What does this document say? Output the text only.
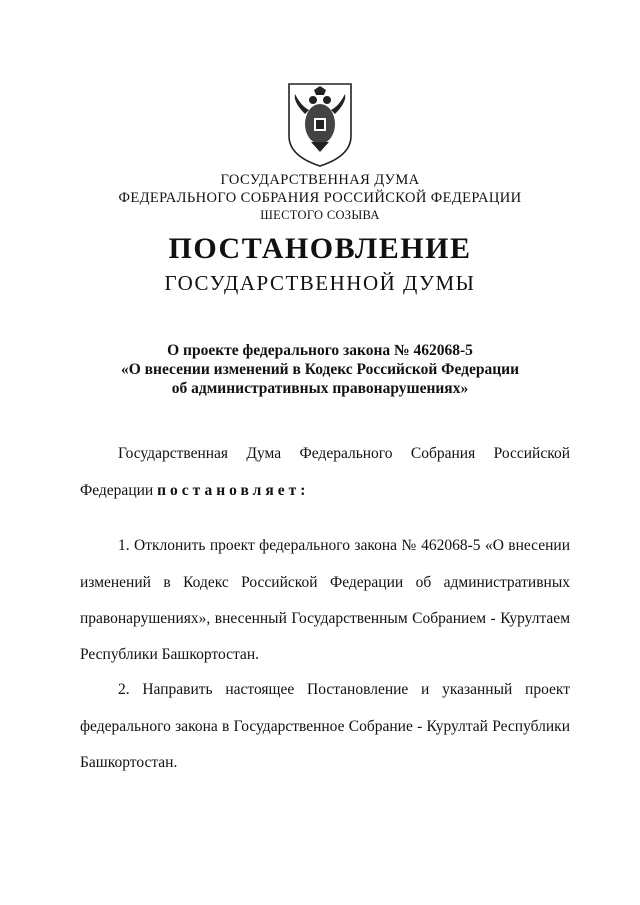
ГОСУДАРСТВЕННАЯ ДУМА
ФЕДЕРАЛЬНОГО СОБРАНИЯ РОССИЙСКОЙ ФЕДЕРАЦИИ
ШЕСТОГО СОЗЫВА
ПОСТАНОВЛЕНИЕ
ГОСУДАРСТВЕННОЙ ДУМЫ
О проекте федерального закона № 462068-5
«О внесении изменений в Кодекс Российской Федерации
об административных правонарушениях»
Государственная Дума Федерального Собрания Российской
Федерации постановляет:
1. Отклонить проект федерального закона № 462068-5 «О внесении
изменений в Кодекс Российской Федерации об административных
правонарушениях», внесенный Государственным Собранием - Курултаем
Республики Башкортостан.
2. Направить настоящее Постановление и указанный проект
федерального закона в Государственное Собрание - Курултай Республики
Башкортостан.
